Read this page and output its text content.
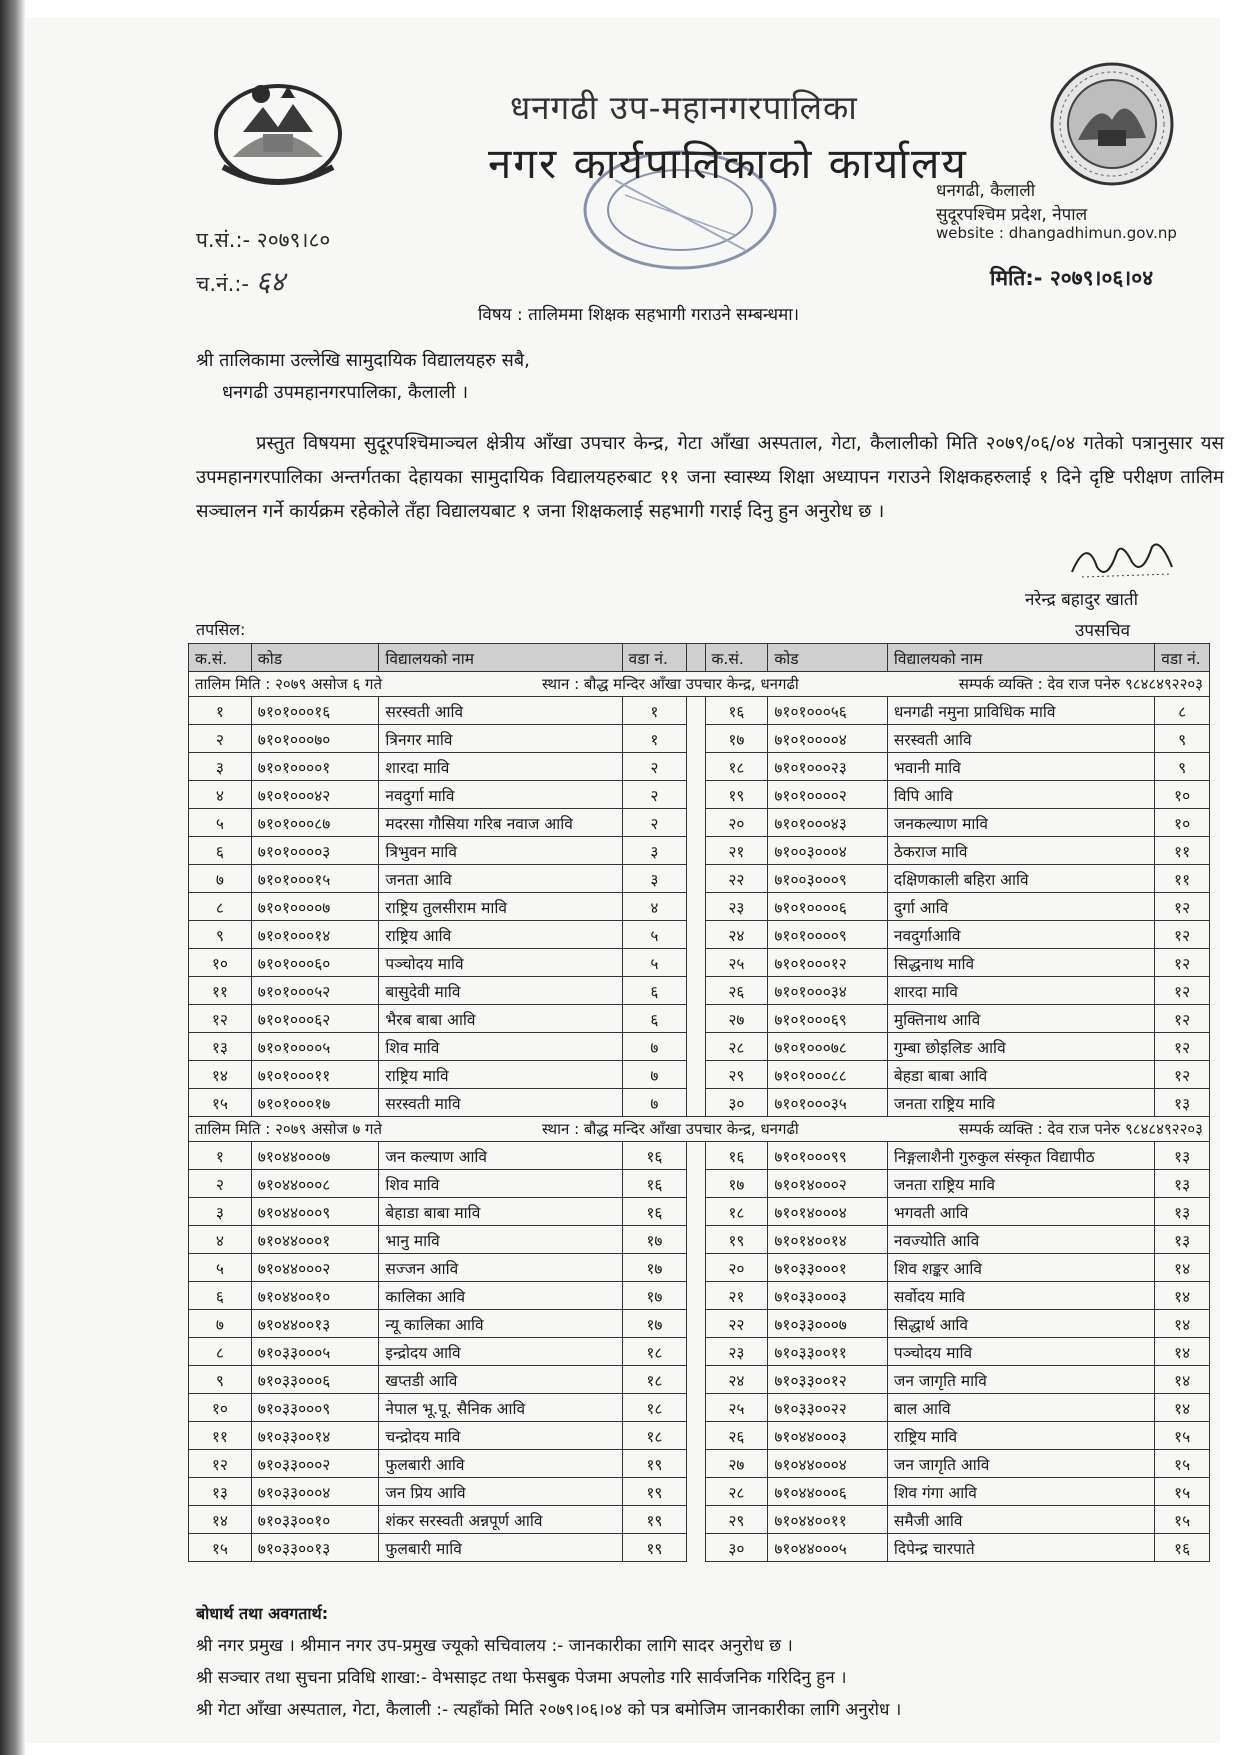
धनगढी उप-महानगरपालिका
नगर कार्यपालिकाको कार्यालय
धनगढी, कैलाली
सुदूरपश्चिम प्रदेश, नेपाल
website : dhangadhimun.gov.np
प.सं.:- २०७९।८०
च.नं.:- ६४	मिति:- २०७९।०६।०४
विषय : तालिममा शिक्षक सहभागी गराउने सम्बन्धमा।
श्री तालिकामा उल्लेखि सामुदायिक विद्यालयहरु सबै,
धनगढी उपमहानगरपालिका, कैलाली ।
प्रस्तुत विषयमा सुदूरपश्चिमाञ्चल क्षेत्रीय आँखा उपचार केन्द्र, गेटा आँखा अस्पताल, गेटा, कैलालीको मिति २०७९/०६/०४ गतेको पत्रानुसार यस उपमहानगरपालिका अन्तर्गतका देहायका सामुदायिक विद्यालयहरुबाट ११ जना स्वास्थ्य शिक्षा अध्यापन गराउने शिक्षकहरुलाई १ दिने दृष्टि परीक्षण तालिम सञ्चालन गर्ने कार्यक्रम रहेकोले तँहा विद्यालयबाट १ जना शिक्षकलाई सहभागी गराई दिनु हुन अनुरोध छ ।
नरेन्द्र बहादुर खाती
उपसचिव
तपसिल:
क.सं.	कोड	विद्यालयको नाम	वडा नं.		क.सं.	कोड	विद्यालयको नाम	वडा नं.

तालिम मिति : २०७९ असोज ६ गते स्थान : बौद्ध मन्दिर आँखा उपचार केन्द्र, धनगढी सम्पर्क व्यक्ति : देव राज पनेरु ९८४८४९२२०३								

१	७१०१०००१६	सरस्वती आवि	१		१६	७१०१०००५६	धनगढी नमुना प्राविधिक मावि	८
२	७१०१०००७०	त्रिनगर मावि	१		१७	७१०१००००४	सरस्वती आवि	९
३	७१०१००००१	शारदा मावि	२		१८	७१०१०००२३	भवानी मावि	९
४	७१०१०००४२	नवदुर्गा मावि	२		१९	७१०१००००२	विपि आवि	१०
५	७१०१०००८७	मदरसा गौसिया गरिब नवाज आवि	२		२०	७१०१०००४३	जनकल्याण मावि	१०
६	७१०१००००३	त्रिभुवन मावि	३		२१	७१००३०००४	ठेकराज मावि	११
७	७१०१०००१५	जनता आवि	३		२२	७१००३०००९	दक्षिणकाली बहिरा आवि	११
८	७१०१००००७	राष्ट्रिय तुलसीराम मावि	४		२३	७१०१००००६	दुर्गा आवि	१२
९	७१०१०००१४	राष्ट्रिय आवि	५		२४	७१०१००००९	नवदुर्गाआवि	१२
१०	७१०१०००६०	पञ्चोदय मावि	५		२५	७१०१०००१२	सिद्धनाथ मावि	१२
११	७१०१०००५२	बासुदेवी मावि	६		२६	७१०१०००३४	शारदा मावि	१२
१२	७१०१०००६२	भैरब बाबा आवि	६		२७	७१०१०००६९	मुक्तिनाथ आवि	१२
१३	७१०१००००५	शिव मावि	७		२८	७१०१०००७८	गुम्बा छोइलिङ आवि	१२
१४	७१०१०००११	राष्ट्रिय मावि	७		२९	७१०१०००८८	बेहडा बाबा आवि	१२
१५	७१०१०००१७	सरस्वती मावि	७		३०	७१०१०००३५	जनता राष्ट्रिय मावि	१३

तालिम मिति : २०७९ असोज ७ गते स्थान : बौद्ध मन्दिर आँखा उपचार केन्द्र, धनगढी सम्पर्क व्यक्ति : देव राज पनेरु ९८४८४९२२०३								

१	७१०४४०००७	जन कल्याण आवि	१६		१६	७१०१०००९९	निङ्गलाशैनी गुरुकुल संस्कृत विद्यापीठ	१३
२	७१०४४०००८	शिव मावि	१६		१७	७१०१४०००२	जनता राष्ट्रिय मावि	१३
३	७१०४४०००९	बेहाडा बाबा मावि	१६		१८	७१०१४०००४	भगवती आवि	१३
४	७१०४४०००१	भानु मावि	१७		१९	७१०१४००१४	नवज्योति आवि	१३
५	७१०४४०००२	सज्जन आवि	१७		२०	७१०३३०००१	शिव शङ्कर आवि	१४
६	७१०४४००१०	कालिका आवि	१७		२१	७१०३३०००३	सर्वोदय मावि	१४
७	७१०४४००१३	न्यू कालिका आवि	१७		२२	७१०३३०००७	सिद्धार्थ आवि	१४
८	७१०३३०००५	इन्द्रोदय आवि	१८		२३	७१०३३००११	पञ्चोदय मावि	१४
९	७१०३३०००६	खप्तडी आवि	१८		२४	७१०३३००१२	जन जागृति मावि	१४
१०	७१०३३०००९	नेपाल भू.पू. सैनिक आवि	१८		२५	७१०३३००२२	बाल आवि	१४
११	७१०३३००१४	चन्द्रोदय मावि	१८		२६	७१०४४०००३	राष्ट्रिय मावि	१५
१२	७१०३३०००२	फुलबारी आवि	१९		२७	७१०४४०००४	जन जागृति आवि	१५
१३	७१०३३०००४	जन प्रिय आवि	१९		२८	७१०४४०००६	शिव गंगा आवि	१५
१४	७१०३३००१०	शंकर सरस्वती अन्नपूर्ण आवि	१९		२९	७१०४४००११	समैजी आवि	१५
१५	७१०३३००१३	फुलबारी मावि	१९		३०	७१०४४०००५	दिपेन्द्र चारपाते	१६
बोधार्थ तथा अवगतार्थ:
श्री नगर प्रमुख । श्रीमान नगर उप-प्रमुख ज्यूको सचिवालय :- जानकारीका लागि सादर अनुरोध छ ।
श्री सञ्चार तथा सुचना प्रविधि शाखा:- वेभसाइट तथा फेसबुक पेजमा अपलोड गरि सार्वजनिक गरिदिनु हुन ।
श्री गेटा आँखा अस्पताल, गेटा, कैलाली :- त्यहाँको मिति २०७९।०६।०४ को पत्र बमोजिम जानकारीका लागि अनुरोध ।
